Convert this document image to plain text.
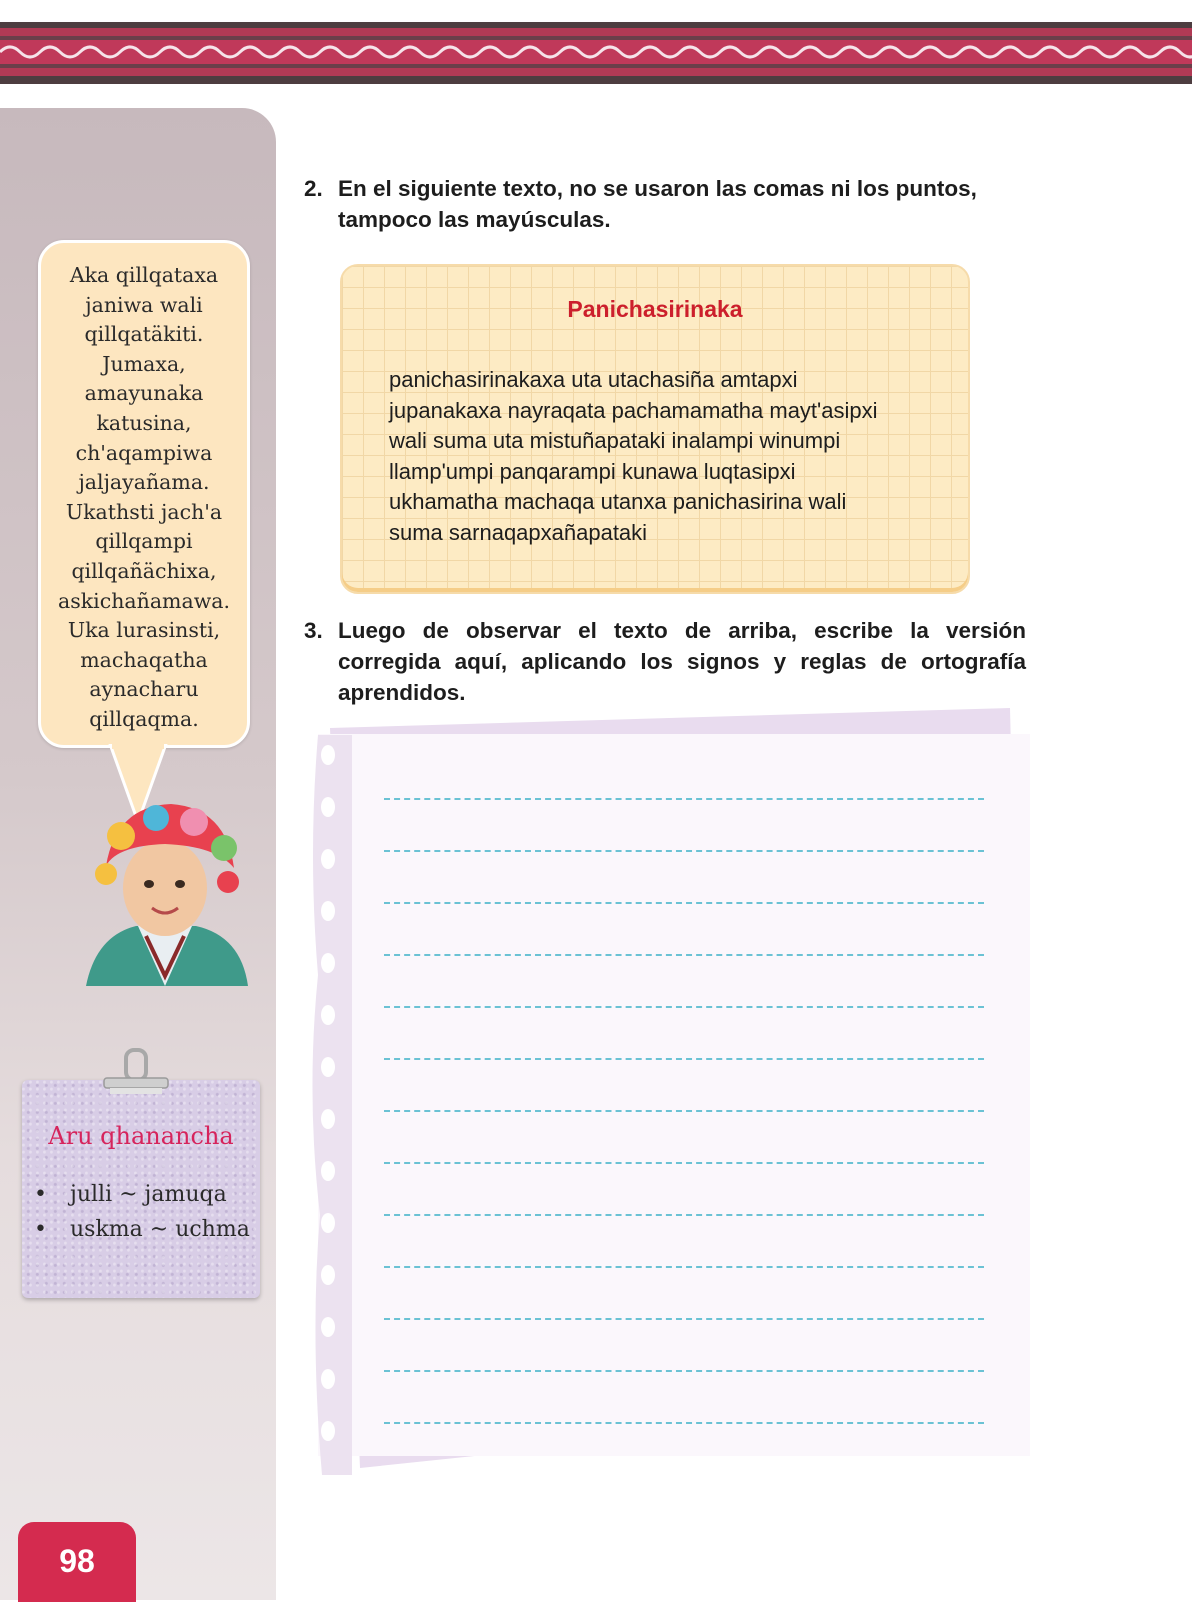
Aka qillqataxa
janiwa wali
qillqatäkiti.
Jumaxa,
amayunaka
katusina,
ch'aqampiwa
jaljayañama.
Ukathsti jach'a
qillqampi
qillqañächixa,
askichañamawa.
Uka lurasinsti,
machaqatha
aynacharu
qillqaqma.
Aru qhanancha
• julli ~ jamuqa
• uskma ~ uchma
98
2. En el siguiente texto, no se usaron las comas ni los puntos, tampoco las mayúsculas.
Panichasirinaka
panichasirinakaxa uta utachasiña amtapxi
jupanakaxa nayraqata pachamamatha mayt'asipxi
wali suma uta mistuñapataki inalampi winumpi
llamp'umpi panqarampi kunawa luqtasipxi
ukhamatha machaqa utanxa panichasirina wali
suma sarnaqapxañapataki
3. Luego de observar el texto de arriba, escribe la versión corregida aquí, aplicando los signos y reglas de ortografía aprendidos.
